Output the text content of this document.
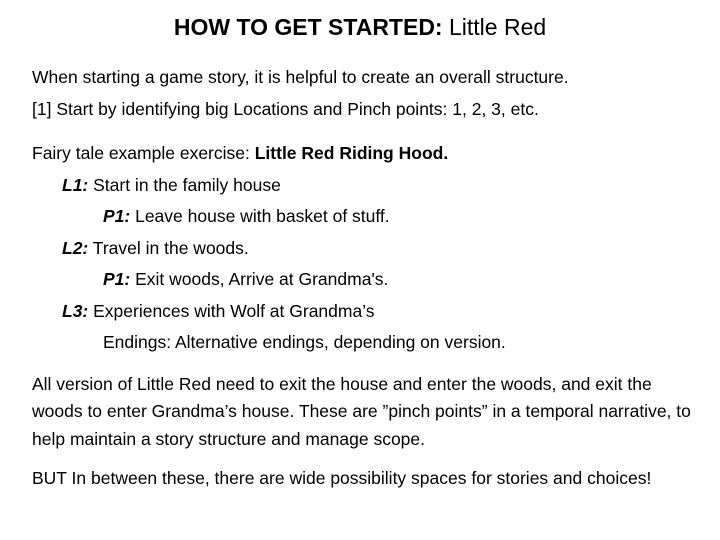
HOW TO GET STARTED: Little Red
When starting a game story, it is helpful to create an overall structure.
[1] Start by identifying big Locations and Pinch points: 1, 2, 3, etc.
Fairy tale example exercise: Little Red Riding Hood.
L1: Start in the family house
P1: Leave house with basket of stuff.
L2: Travel in the woods.
P1: Exit woods, Arrive at Grandma's.
L3: Experiences with Wolf at Grandma’s
Endings: Alternative endings, depending on version.
All version of Little Red need to exit the house and enter the woods, and exit the woods to enter Grandma’s house. These are ”pinch points” in a temporal narrative, to help maintain a story structure and manage scope.
BUT In between these, there are wide possibility spaces for stories and choices!
